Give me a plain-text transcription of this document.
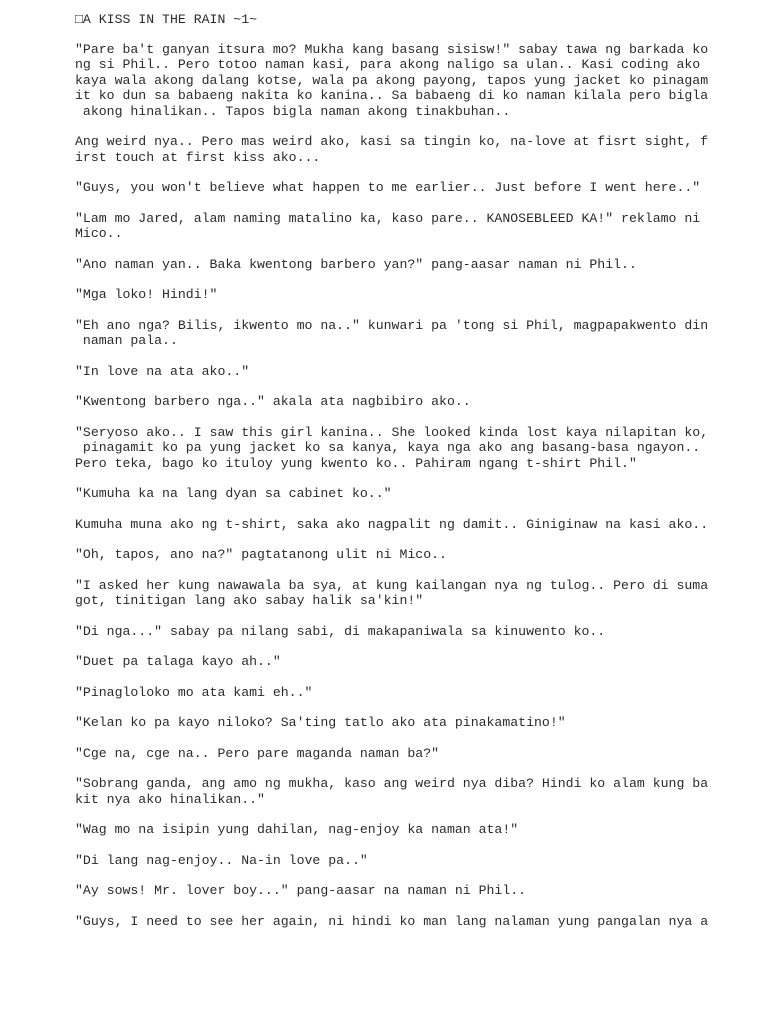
□A KISS IN THE RAIN ~1~
"Pare ba't ganyan itsura mo? Mukha kang basang sisisw!" sabay tawa ng barkada ko
ng si Phil.. Pero totoo naman kasi, para akong naligo sa ulan.. Kasi coding ako
kaya wala akong dalang kotse, wala pa akong payong, tapos yung jacket ko pinagam
it ko dun sa babaeng nakita ko kanina.. Sa babaeng di ko naman kilala pero bigla
akong hinalikan.. Tapos bigla naman akong tinakbuhan..
Ang weird nya.. Pero mas weird ako, kasi sa tingin ko, na-love at fisrt sight, f
irst touch at first kiss ako...
"Guys, you won't believe what happen to me earlier.. Just before I went here.."
"Lam mo Jared, alam naming matalino ka, kaso pare.. KANOSEBLEED KA!" reklamo ni
Mico..
"Ano naman yan.. Baka kwentong barbero yan?" pang-aasar naman ni Phil..
"Mga loko! Hindi!"
"Eh ano nga? Bilis, ikwento mo na.." kunwari pa 'tong si Phil, magpapakwento din
naman pala..
"In love na ata ako.."
"Kwentong barbero nga.." akala ata nagbibiro ako..
"Seryoso ako.. I saw this girl kanina.. She looked kinda lost kaya nilapitan ko,
pinagamit ko pa yung jacket ko sa kanya, kaya nga ako ang basang-basa ngayon..
Pero teka, bago ko ituloy yung kwento ko.. Pahiram ngang t-shirt Phil."
"Kumuha ka na lang dyan sa cabinet ko.."
Kumuha muna ako ng t-shirt, saka ako nagpalit ng damit.. Giniginaw na kasi ako..
"Oh, tapos, ano na?" pagtatanong ulit ni Mico..
"I asked her kung nawawala ba sya, at kung kailangan nya ng tulog.. Pero di suma
got, tinitigan lang ako sabay halik sa'kin!"
"Di nga..." sabay pa nilang sabi, di makapaniwala sa kinuwento ko..
"Duet pa talaga kayo ah.."
"Pinagloloko mo ata kami eh.."
"Kelan ko pa kayo niloko? Sa'ting tatlo ako ata pinakamatino!"
"Cge na, cge na.. Pero pare maganda naman ba?"
"Sobrang ganda, ang amo ng mukha, kaso ang weird nya diba? Hindi ko alam kung ba
kit nya ako hinalikan.."
"Wag mo na isipin yung dahilan, nag-enjoy ka naman ata!"
"Di lang nag-enjoy.. Na-in love pa.."
"Ay sows! Mr. lover boy..." pang-aasar na naman ni Phil..
"Guys, I need to see her again, ni hindi ko man lang nalaman yung pangalan nya a
